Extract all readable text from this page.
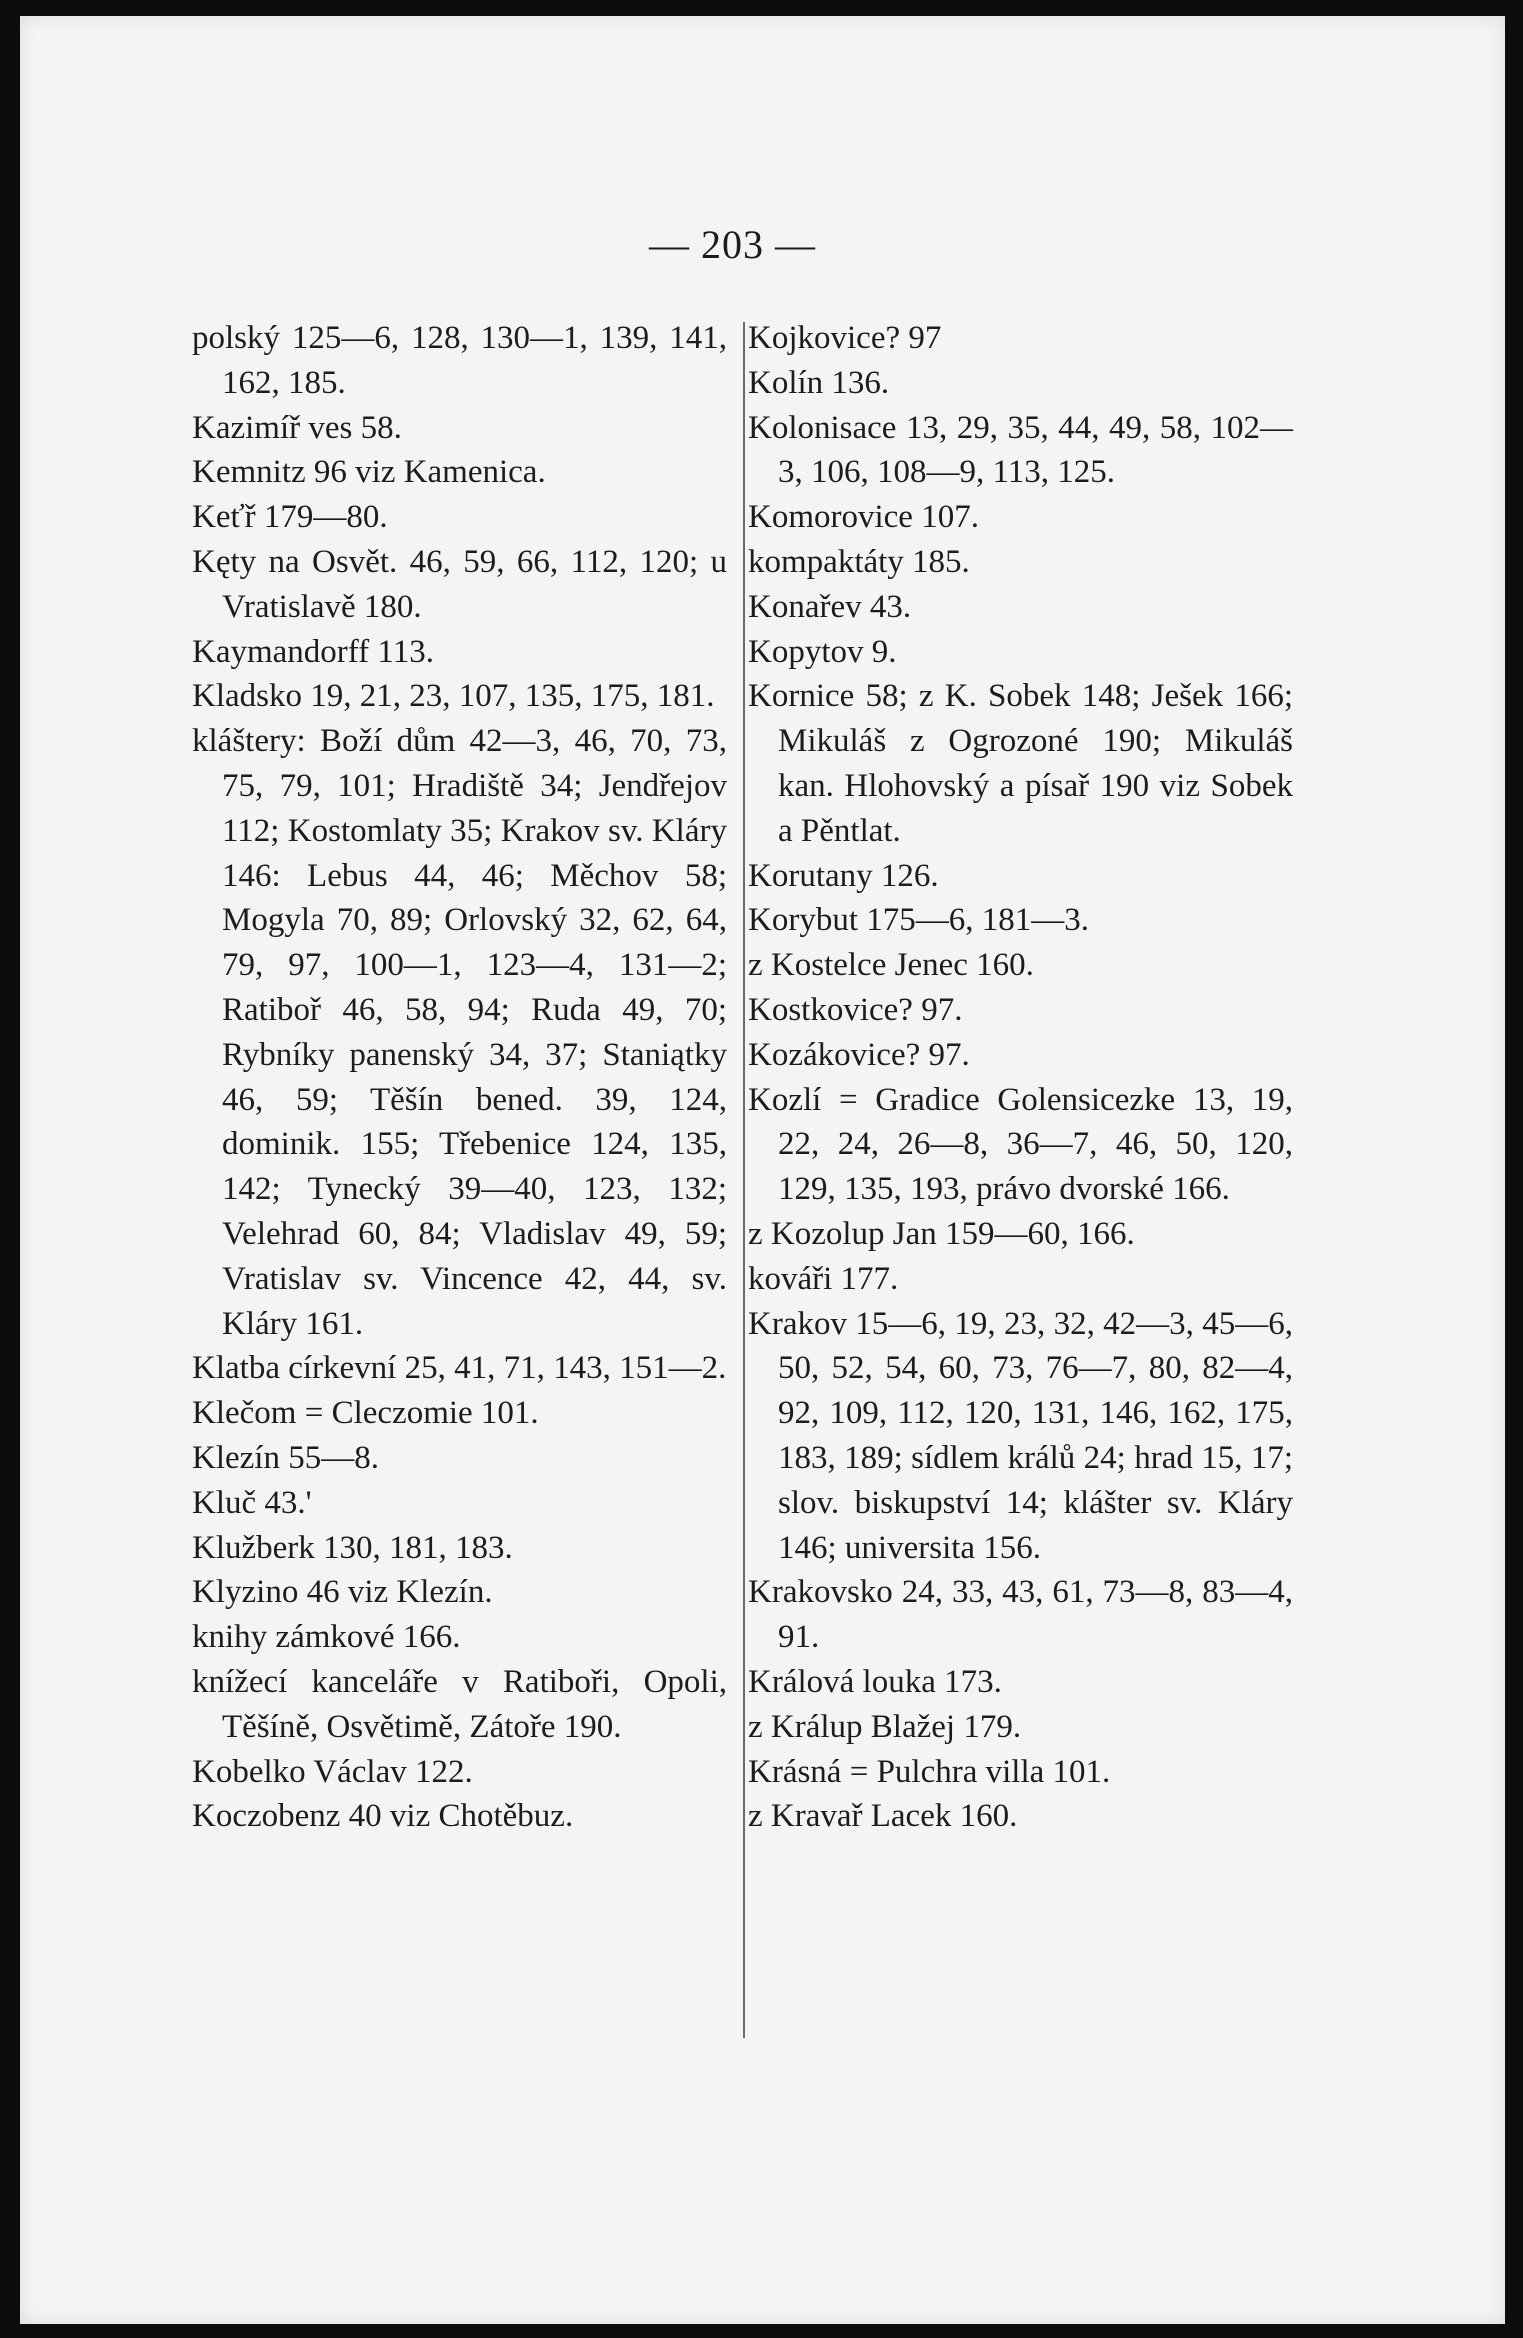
— 203 —

polský 125—6, 128, 130—1, 139, 141, 162, 185.

Kazimíř ves 58.

Kemnitz 96 viz Kamenica.

Keťř 179—80.

Kęty na Osvět. 46, 59, 66, 112, 120; u Vratislavě 180.

Kaymandorff 113.

Kladsko 19, 21, 23, 107, 135, 175, 181.

kláštery: Boží dům 42—3, 46, 70, 73, 75, 79, 101; Hradiště 34; Jendřejov 112; Kostomlaty 35; Krakov sv. Kláry 146: Lebus 44, 46; Měchov 58; Mogyla 70, 89; Orlovský 32, 62, 64, 79, 97, 100—1, 123—4, 131—2; Ratiboř 46, 58, 94; Ruda 49, 70; Rybníky panenský 34, 37; Staniątky 46, 59; Těšín bened. 39, 124, dominik. 155; Třebenice 124, 135, 142; Tynecký 39—40, 123, 132; Velehrad 60, 84; Vladislav 49, 59; Vratislav sv. Vincence 42, 44, sv. Kláry 161.

Klatba církevní 25, 41, 71, 143, 151—2.

Klečom = Cleczomie 101.

Klezín 55—8.

Kluč 43.'

Klužberk 130, 181, 183.

Klyzino 46 viz Klezín.

knihy zámkové 166.

knížecí kanceláře v Ratiboři, Opoli, Těšíně, Osvětimě, Zátoře 190.

Kobelko Václav 122.

Koczobenz 40 viz Chotěbuz.

Kojkovice? 97

Kolín 136.

Kolonisace 13, 29, 35, 44, 49, 58, 102—3, 106, 108—9, 113, 125.

Komorovice 107.

kompaktáty 185.

Konařev 43.

Kopytov 9.

Kornice 58; z K. Sobek 148; Ješek 166; Mikuláš z Ogrozoné 190; Mikuláš kan. Hlohovský a písař 190 viz Sobek a Pěntlat.

Korutany 126.

Korybut 175—6, 181—3.

z Kostelce Jenec 160.

Kostkovice? 97.

Kozákovice? 97.

Kozlí = Gradice Golensicezke 13, 19, 22, 24, 26—8, 36—7, 46, 50, 120, 129, 135, 193, právo dvorské 166.

z Kozolup Jan 159—60, 166.

kováři 177.

Krakov 15—6, 19, 23, 32, 42—3, 45—6, 50, 52, 54, 60, 73, 76—7, 80, 82—4, 92, 109, 112, 120, 131, 146, 162, 175, 183, 189; sídlem králů 24; hrad 15, 17; slov. biskupství 14; klášter sv. Kláry 146; universita 156.

Krakovsko 24, 33, 43, 61, 73—8, 83—4, 91.

Králová louka 173.

z Králup Blažej 179.

Krásná = Pulchra villa 101.

z Kravař Lacek 160.
